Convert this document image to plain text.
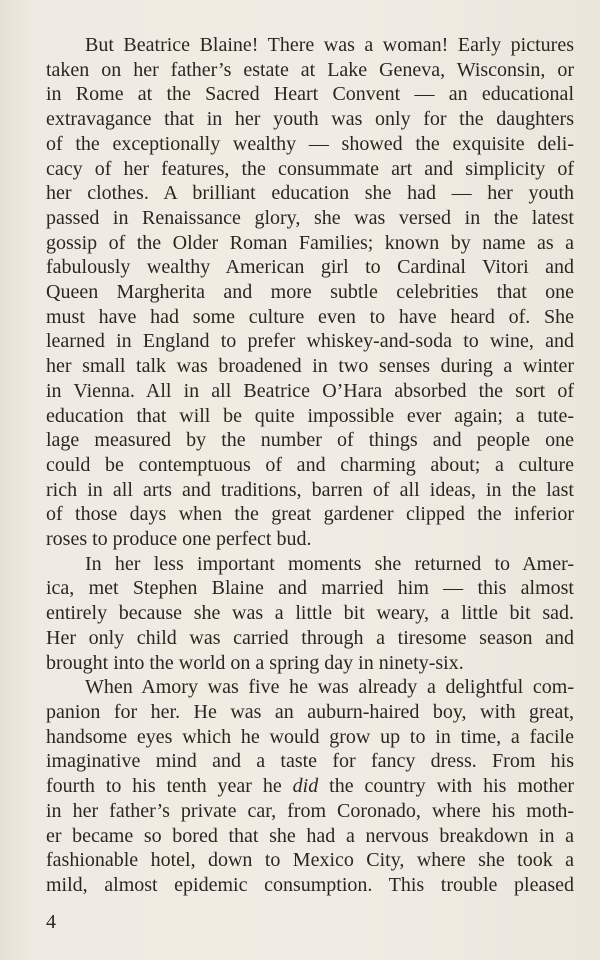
But Beatrice Blaine! There was a woman! Early pictures
taken on her father’s estate at Lake Geneva, Wisconsin, or
in Rome at the Sacred Heart Convent — an educational
extravagance that in her youth was only for the daughters
of the exceptionally wealthy — showed the exquisite deli-
cacy of her features, the consummate art and simplicity of
her clothes. A brilliant education she had — her youth
passed in Renaissance glory, she was versed in the latest
gossip of the Older Roman Families; known by name as a
fabulously wealthy American girl to Cardinal Vitori and
Queen Margherita and more subtle celebrities that one
must have had some culture even to have heard of. She
learned in England to prefer whiskey-and-soda to wine, and
her small talk was broadened in two senses during a winter
in Vienna. All in all Beatrice O’Hara absorbed the sort of
education that will be quite impossible ever again; a tute-
lage measured by the number of things and people one
could be contemptuous of and charming about; a culture
rich in all arts and traditions, barren of all ideas, in the last
of those days when the great gardener clipped the inferior
roses to produce one perfect bud.

In her less important moments she returned to Amer-
ica, met Stephen Blaine and married him — this almost
entirely because she was a little bit weary, a little bit sad.
Her only child was carried through a tiresome season and
brought into the world on a spring day in ninety-six.

When Amory was five he was already a delightful com-
panion for her. He was an auburn-haired boy, with great,
handsome eyes which he would grow up to in time, a facile
imaginative mind and a taste for fancy dress. From his
fourth to his tenth year he did the country with his mother
in her father’s private car, from Coronado, where his moth-
er became so bored that she had a nervous breakdown in a
fashionable hotel, down to Mexico City, where she took a
mild, almost epidemic consumption. This trouble pleased

4
